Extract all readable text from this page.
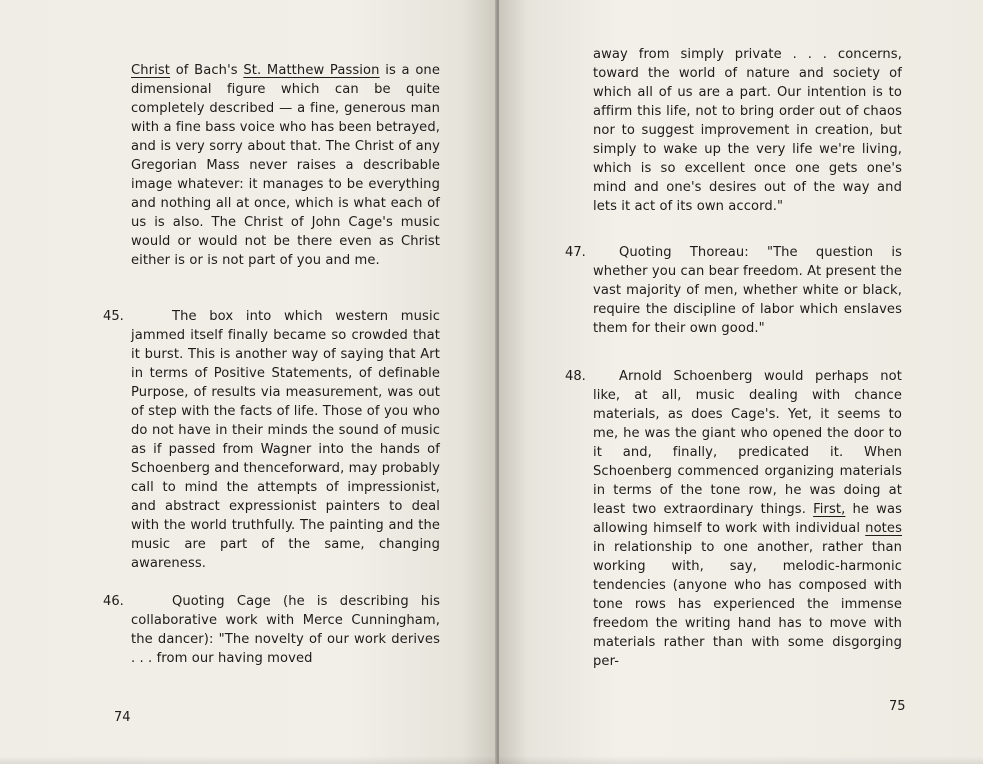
Christ of Bach's St. Matthew Passion is a one dimensional figure which can be quite completely described — a fine, generous man with a fine bass voice who has been betrayed, and is very sorry about that. The Christ of any Gregorian Mass never raises a describable image whatever: it manages to be everything and nothing all at once, which is what each of us is also. The Christ of John Cage's music would or would not be there even as Christ either is or is not part of you and me.

45.	The box into which western music jammed itself finally became so crowded that it burst. This is another way of saying that Art in terms of Positive Statements, of definable Purpose, of results via measurement, was out of step with the facts of life. Those of you who do not have in their minds the sound of music as if passed from Wagner into the hands of Schoenberg and thenceforward, may probably call to mind the attempts of impressionist, and abstract expressionist painters to deal with the world truthfully. The painting and the music are part of the same, changing awareness.

46.	Quoting Cage (he is describing his collaborative work with Merce Cunningham, the dancer): "The novelty of our work derives . . . from our having moved

74

away from simply private . . . concerns, toward the world of nature and society of which all of us are a part. Our intention is to affirm this life, not to bring order out of chaos nor to suggest improvement in creation, but simply to wake up the very life we're living, which is so excellent once one gets one's mind and one's desires out of the way and lets it act of its own accord."

47.	Quoting Thoreau: "The question is whether you can bear freedom. At present the vast majority of men, whether white or black, require the discipline of labor which enslaves them for their own good."

48.	Arnold Schoenberg would perhaps not like, at all, music dealing with chance materials, as does Cage's. Yet, it seems to me, he was the giant who opened the door to it and, finally, predicated it. When Schoenberg commenced organizing materials in terms of the tone row, he was doing at least two extraordinary things. First, he was allowing himself to work with individual notes in relationship to one another, rather than working with, say, melodic-harmonic tendencies (anyone who has composed with tone rows has experienced the immense freedom the writing hand has to move with materials rather than with some disgorging per-

75
